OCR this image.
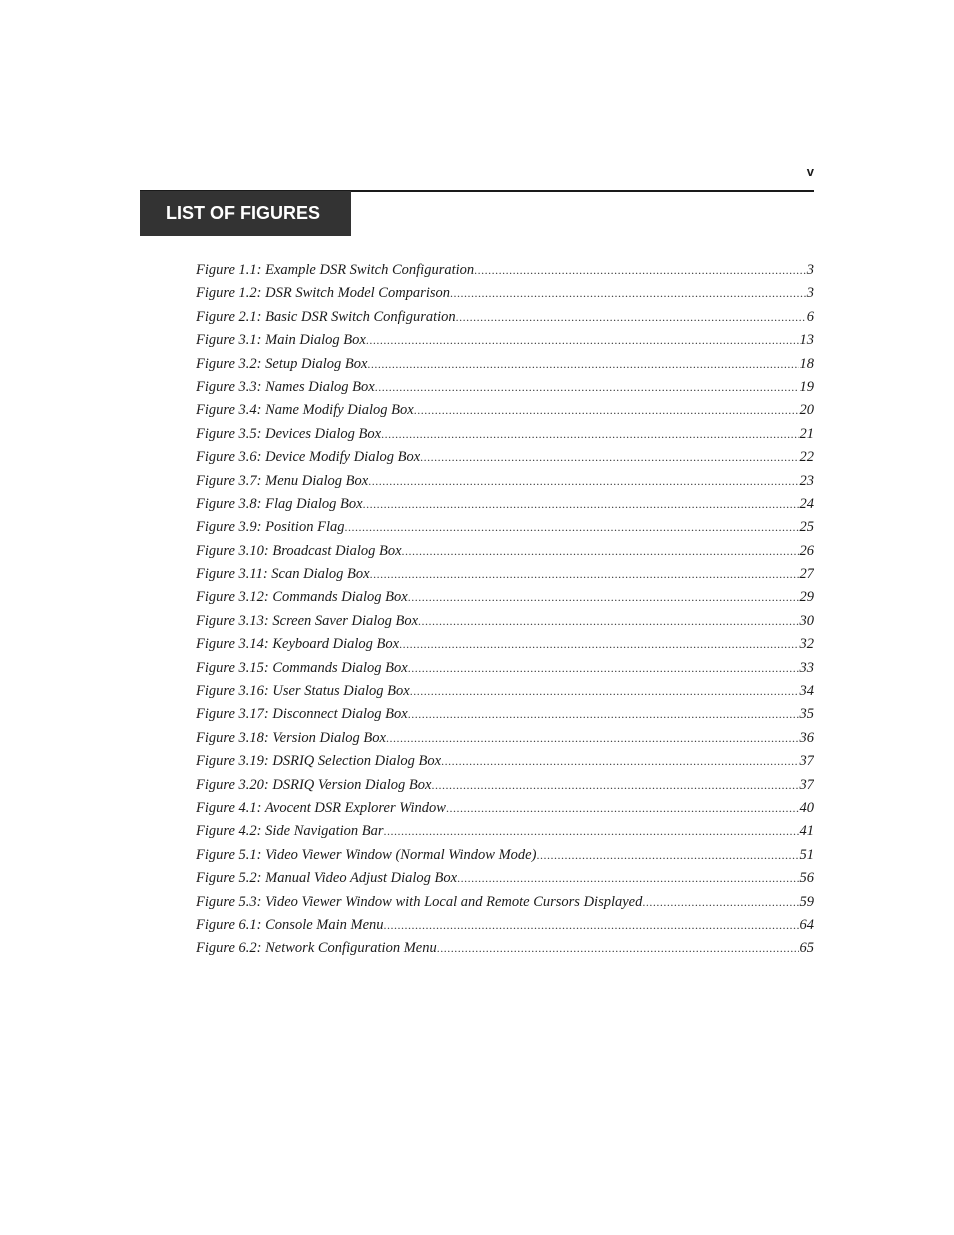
v
LIST OF FIGURES
Figure 1.1: Example DSR Switch Configuration .....	3
Figure 1.2: DSR Switch Model Comparison .....	3
Figure 2.1: Basic DSR Switch Configuration .....	6
Figure 3.1: Main Dialog Box .....	13
Figure 3.2: Setup Dialog Box .....	18
Figure 3.3: Names Dialog Box .....	19
Figure 3.4: Name Modify Dialog Box .....	20
Figure 3.5: Devices Dialog Box .....	21
Figure 3.6: Device Modify Dialog Box .....	22
Figure 3.7: Menu Dialog Box .....	23
Figure 3.8: Flag Dialog Box .....	24
Figure 3.9: Position Flag .....	25
Figure 3.10: Broadcast Dialog Box .....	26
Figure 3.11: Scan Dialog Box .....	27
Figure 3.12: Commands Dialog Box .....	29
Figure 3.13: Screen Saver Dialog Box .....	30
Figure 3.14: Keyboard Dialog Box .....	32
Figure 3.15: Commands Dialog Box .....	33
Figure 3.16: User Status Dialog Box .....	34
Figure 3.17: Disconnect Dialog Box .....	35
Figure 3.18: Version Dialog Box .....	36
Figure 3.19: DSRIQ Selection Dialog Box .....	37
Figure 3.20: DSRIQ Version Dialog Box .....	37
Figure 4.1: Avocent DSR Explorer Window .....	40
Figure 4.2: Side Navigation Bar .....	41
Figure 5.1: Video Viewer Window (Normal Window Mode) .....	51
Figure 5.2: Manual Video Adjust Dialog Box .....	56
Figure 5.3: Video Viewer Window with Local and Remote Cursors Displayed .....	59
Figure 6.1: Console Main Menu .....	64
Figure 6.2: Network Configuration Menu .....	65
